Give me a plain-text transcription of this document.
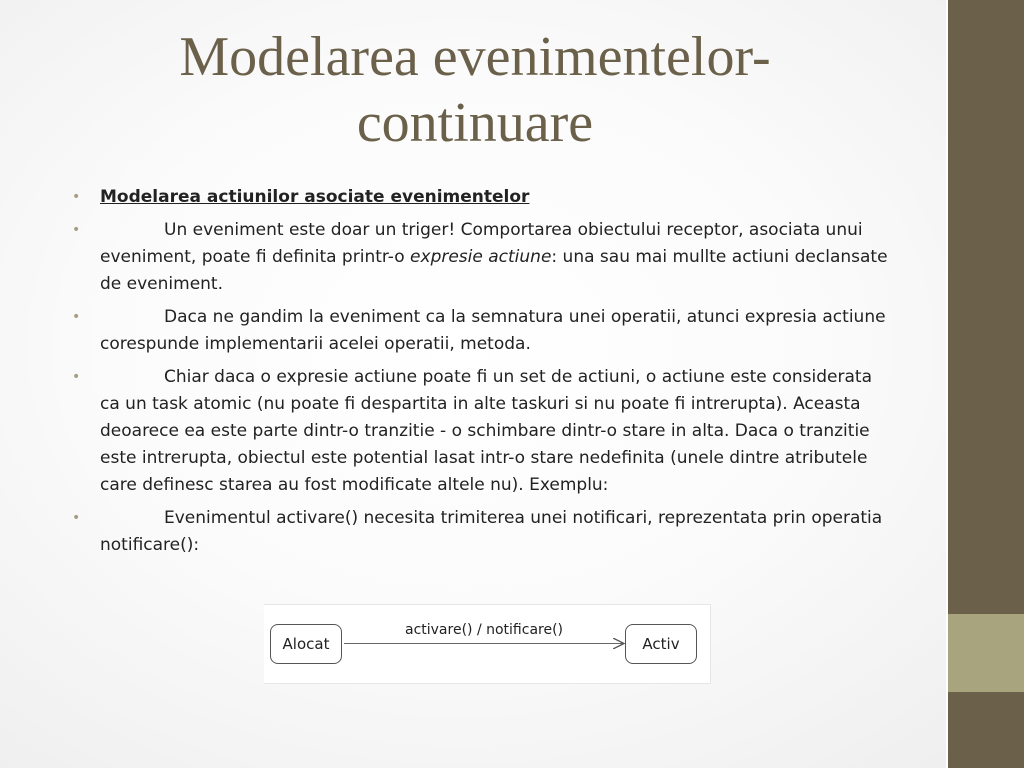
Modelarea evenimentelor-
continuare
• Modelarea actiunilor asociate evenimentelor
•	Un eveniment este doar un triger! Comportarea obiectului receptor, asociata unui eveniment, poate fi definita printr-o expresie actiune: una sau mai mullte actiuni declansate de eveniment.
•	Daca ne gandim la eveniment ca la semnatura unei operatii, atunci expresia actiune corespunde implementarii acelei operatii, metoda.
•	Chiar daca o expresie actiune poate fi un set de actiuni, o actiune este considerata ca un task atomic (nu poate fi despartita in alte taskuri si nu poate fi intrerupta). Aceasta deoarece ea este parte dintr-o tranzitie - o schimbare dintr-o stare in alta. Daca o tranzitie este intrerupta, obiectul este potential lasat intr-o stare nedefinita (unele dintre atributele care definesc starea au fost modificate altele nu). Exemplu:
•	Evenimentul activare() necesita trimiterea unei notificari, reprezentata prin operatia notificare():
Alocat
activare() / notificare()
Activ
